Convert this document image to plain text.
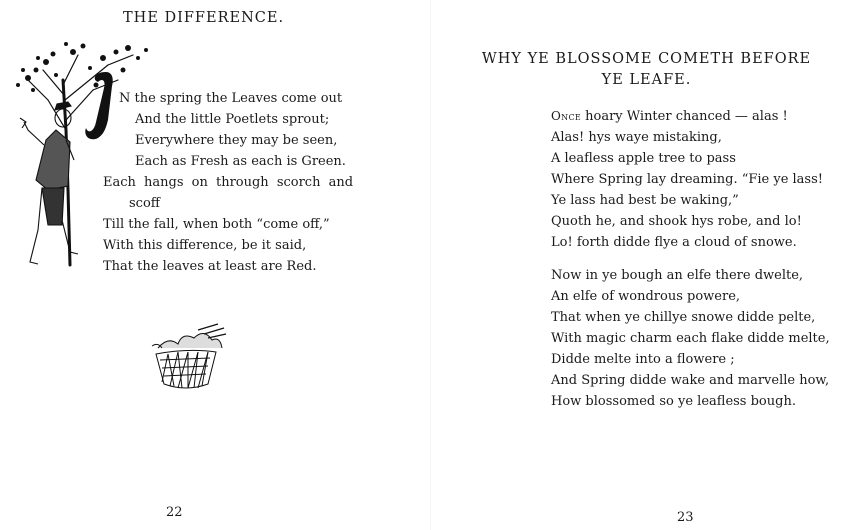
THE DIFFERENCE.
N the spring the Leaves come out
And the little Poetlets sprout;
Everywhere they may be seen,
Each as Fresh as each is Green.
Each hangs on through scorch and
scoff
Till the fall, when both “come off,”
With this difference, be it said,
That the leaves at least are Red.
22
WHY YE BLOSSOME COMETH BEFORE
YE LEAFE.
Once hoary Winter chanced — alas !
Alas! hys waye mistaking,
A leafless apple tree to pass
Where Spring lay dreaming. “Fie ye lass!
Ye lass had best be waking,”
Quoth he, and shook hys robe, and lo!
Lo! forth didde flye a cloud of snowe.
Now in ye bough an elfe there dwelte,
An elfe of wondrous powere,
That when ye chillye snowe didde pelte,
With magic charm each flake didde melte,
Didde melte into a flowere ;
And Spring didde wake and marvelle how,
How blossomed so ye leafless bough.
23
